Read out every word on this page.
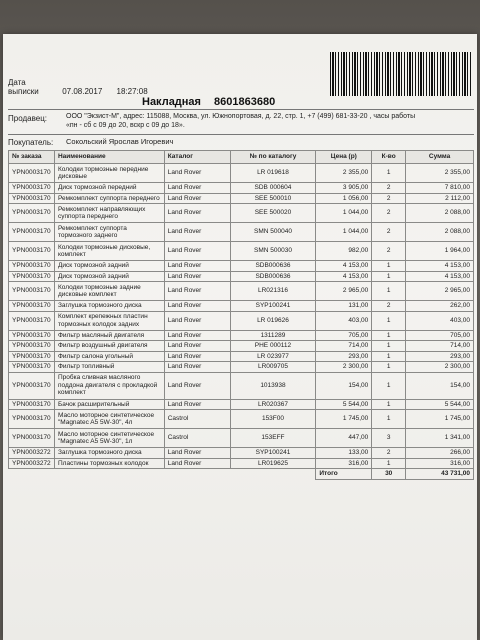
Дата выписки	07.08.2017 18:27:08
Накладная 8601863680
Продавец:	ООО "Экзист-М", адрес: 115088, Москва, ул. Южнопортовая, д. 22, стр. 1, +7 (499) 681-33-20 , часы работы
«пн - сб с 09 до 20, вскр с 09 до 18».
Покупатель: Сокольский Ярослав Игоревич
№ заказа	Наименование	Каталог	№ по каталогу	Цена (р)	К-во	Сумма
YPN0003170	Колодки тормозные передние дисковые	Land Rover	LR 019618	2 355,00	1	2 355,00
YPN0003170	Диск тормозной передний	Land Rover	SDB 000604	3 905,00	2	7 810,00
YPN0003170	Ремкомплект суппорта переднего	Land Rover	SEE 500010	1 056,00	2	2 112,00
YPN0003170	Ремкомплект направляющих суппорта переднего	Land Rover	SEE 500020	1 044,00	2	2 088,00
YPN0003170	Ремкомплект суппорта тормозного заднего	Land Rover	SMN 500040	1 044,00	2	2 088,00
YPN0003170	Колодки тормозные дисковые, комплект	Land Rover	SMN 500030	982,00	2	1 964,00
YPN0003170	Диск тормозной задний	Land Rover	SDB000636	4 153,00	1	4 153,00
YPN0003170	Диск тормозной задний	Land Rover	SDB000636	4 153,00	1	4 153,00
YPN0003170	Колодки тормозные задние дисковые комплект	Land Rover	LR021316	2 965,00	1	2 965,00
YPN0003170	Заглушка тормозного диска	Land Rover	SYP100241	131,00	2	262,00
YPN0003170	Комплект крепежных пластин тормозных колодок задних	Land Rover	LR 019626	403,00	1	403,00
YPN0003170	Фильтр масляный двигателя	Land Rover	1311289	705,00	1	705,00
YPN0003170	Фильтр воздушный двигателя	Land Rover	PHE 000112	714,00	1	714,00
YPN0003170	Фильтр салона угольный	Land Rover	LR 023977	293,00	1	293,00
YPN0003170	Фильтр топливный	Land Rover	LR009705	2 300,00	1	2 300,00
YPN0003170	Пробка сливная масляного поддона двигателя с прокладкой комплект	Land Rover	1013938	154,00	1	154,00
YPN0003170	Бачок расширительный	Land Rover	LR020367	5 544,00	1	5 544,00
YPN0003170	Масло моторное синтетическое "Magnatec A5 5W-30", 4л	Castrol	153F00	1 745,00	1	1 745,00
YPN0003170	Масло моторное синтетическое "Magnatec A5 5W-30", 1л	Castrol	153EFF	447,00	3	1 341,00
YPN0003272	Заглушка тормозного диска	Land Rover	SYP100241	133,00	2	266,00
YPN0003272	Пластины тормозных колодок	Land Rover	LR019625	316,00	1	316,00
				Итого	30	43 731,00
